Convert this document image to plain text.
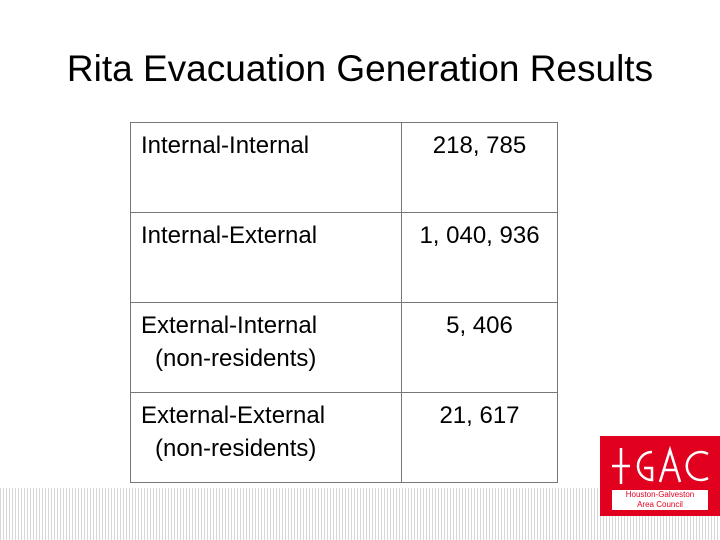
Rita Evacuation Generation Results
Internal-Internal	218, 785
Internal-External	1, 040, 936
External-Internal
(non-residents)	5, 406
External-External
(non-residents)	21, 617
Houston-Galveston
Area Council
